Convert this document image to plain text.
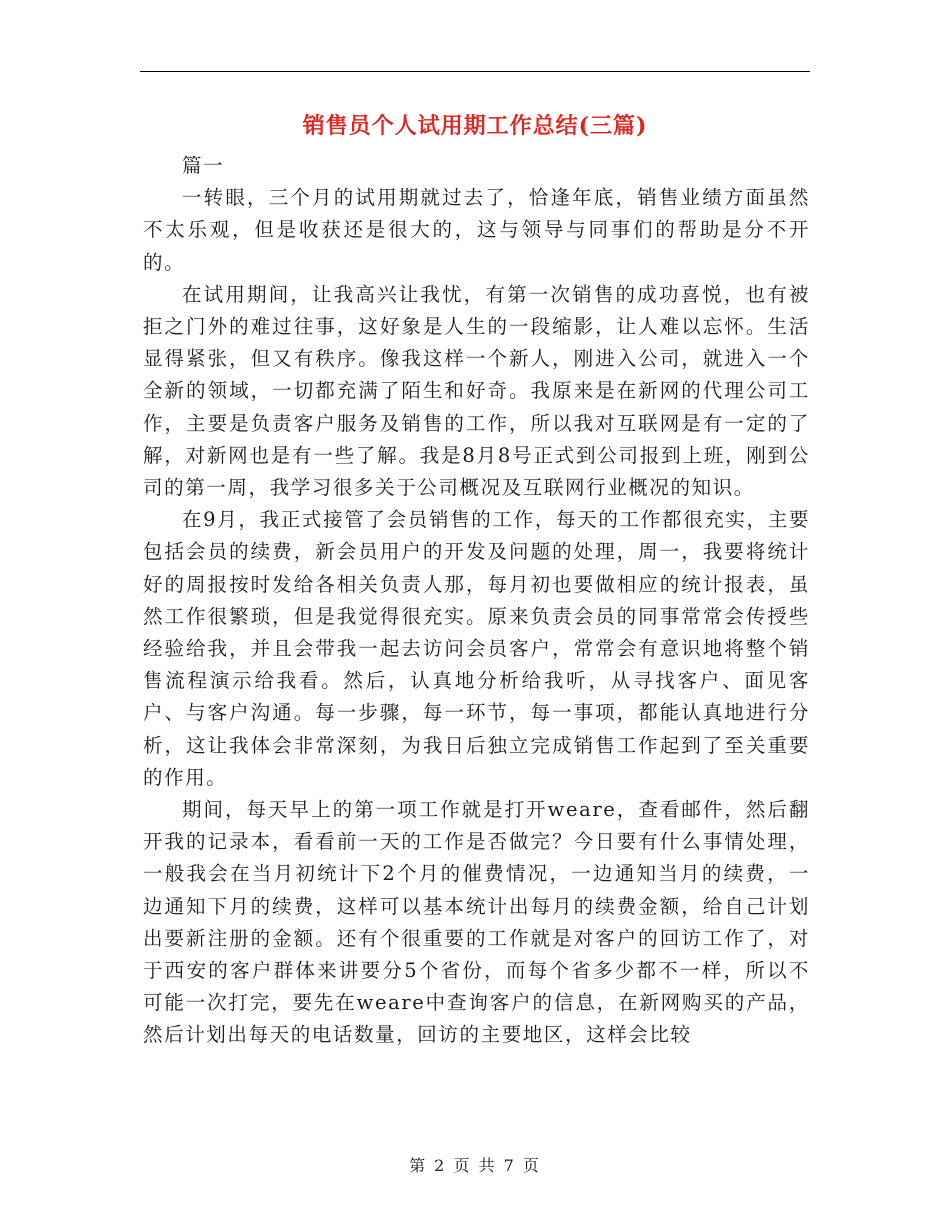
销售员个人试用期工作总结(三篇)

篇一

一转眼，三个月的试用期就过去了，恰逢年底，销售业绩方面虽然不太乐观，但是收获还是很大的，这与领导与同事们的帮助是分不开的。

在试用期间，让我高兴让我忧，有第一次销售的成功喜悦，也有被拒之门外的难过往事，这好象是人生的一段缩影，让人难以忘怀。生活显得紧张，但又有秩序。像我这样一个新人，刚进入公司，就进入一个全新的领域，一切都充满了陌生和好奇。我原来是在新网的代理公司工作，主要是负责客户服务及销售的工作，所以我对互联网是有一定的了解，对新网也是有一些了解。我是8月8号正式到公司报到上班，刚到公司的第一周，我学习很多关于公司概况及互联网行业概况的知识。

在9月，我正式接管了会员销售的工作，每天的工作都很充实，主要包括会员的续费，新会员用户的开发及问题的处理，周一，我要将统计好的周报按时发给各相关负责人那，每月初也要做相应的统计报表，虽然工作很繁琐，但是我觉得很充实。原来负责会员的同事常常会传授些经验给我，并且会带我一起去访问会员客户，常常会有意识地将整个销售流程演示给我看。然后，认真地分析给我听，从寻找客户、面见客户、与客户沟通。每一步骤，每一环节，每一事项，都能认真地进行分析，这让我体会非常深刻，为我日后独立完成销售工作起到了至关重要的作用。

期间，每天早上的第一项工作就是打开weare，查看邮件，然后翻开我的记录本，看看前一天的工作是否做完？今日要有什么事情处理，一般我会在当月初统计下2个月的催费情况，一边通知当月的续费，一边通知下月的续费，这样可以基本统计出每月的续费金额，给自己计划出要新注册的金额。还有个很重要的工作就是对客户的回访工作了，对于西安的客户群体来讲要分5个省份，而每个省多少都不一样，所以不可能一次打完，要先在weare中查询客户的信息，在新网购买的产品，然后计划出每天的电话数量，回访的主要地区，这样会比较

第 2 页 共 7 页
